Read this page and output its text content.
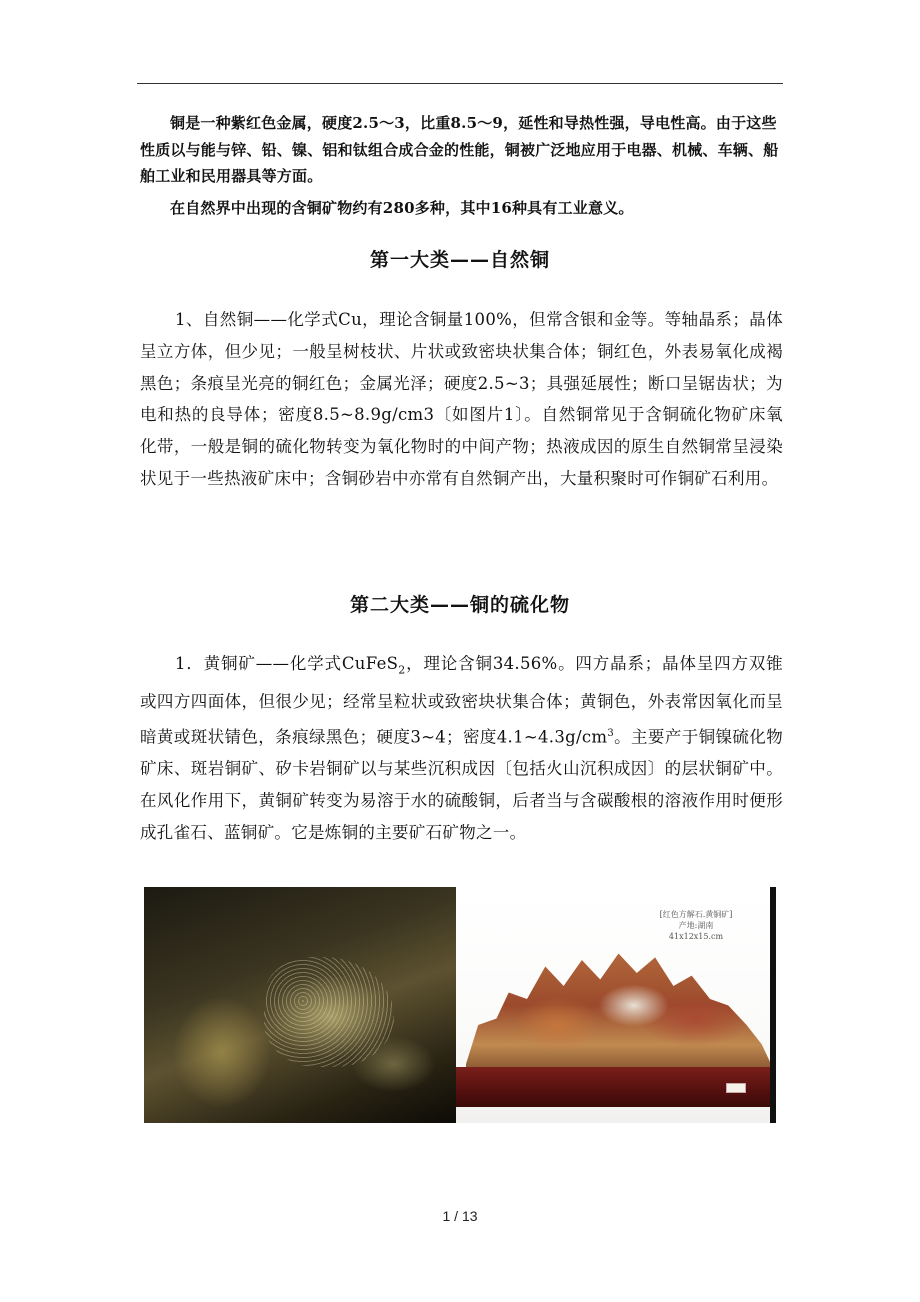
铜是一种紫红色金属，硬度2.5～3，比重8.5～9，延性和导热性强，导电性高。由于这些性质以与能与锌、铅、镍、铝和钛组合成合金的性能，铜被广泛地应用于电器、机械、车辆、船舶工业和民用器具等方面。

在自然界中出现的含铜矿物约有280多种，其中16种具有工业意义。

第一大类——自然铜

1、自然铜——化学式Cu，理论含铜量100%，但常含银和金等。等轴晶系；晶体呈立方体，但少见；一般呈树枝状、片状或致密块状集合体；铜红色，外表易氧化成褐黑色；条痕呈光亮的铜红色；金属光泽；硬度2.5~3；具强延展性；断口呈锯齿状；为电和热的良导体；密度8.5~8.9g/cm3〔如图片1〕。自然铜常见于含铜硫化物矿床氧化带，一般是铜的硫化物转变为氧化物时的中间产物；热液成因的原生自然铜常呈浸染状见于一些热液矿床中；含铜砂岩中亦常有自然铜产出，大量积聚时可作铜矿石利用。

第二大类——铜的硫化物

1．黄铜矿——化学式CuFeS$_2$，理论含铜34.56%。四方晶系；晶体呈四方双锥或四方四面体，但很少见；经常呈粒状或致密块状集合体；黄铜色，外表常因氧化而呈暗黄或斑状锖色，条痕绿黑色；硬度3~4；密度$4.1\sim 4.3g/cm^3$。主要产于铜镍硫化物矿床、斑岩铜矿、矽卡岩铜矿以与某些沉积成因〔包括火山沉积成因〕的层状铜矿中。在风化作用下，黄铜矿转变为易溶于水的硫酸铜，后者当与含碳酸根的溶液作用时便形成孔雀石、蓝铜矿。它是炼铜的主要矿石矿物之一。

[红色方解石.黄铜矿]
产地:湖南
41x12x15.cm
1 / 13
